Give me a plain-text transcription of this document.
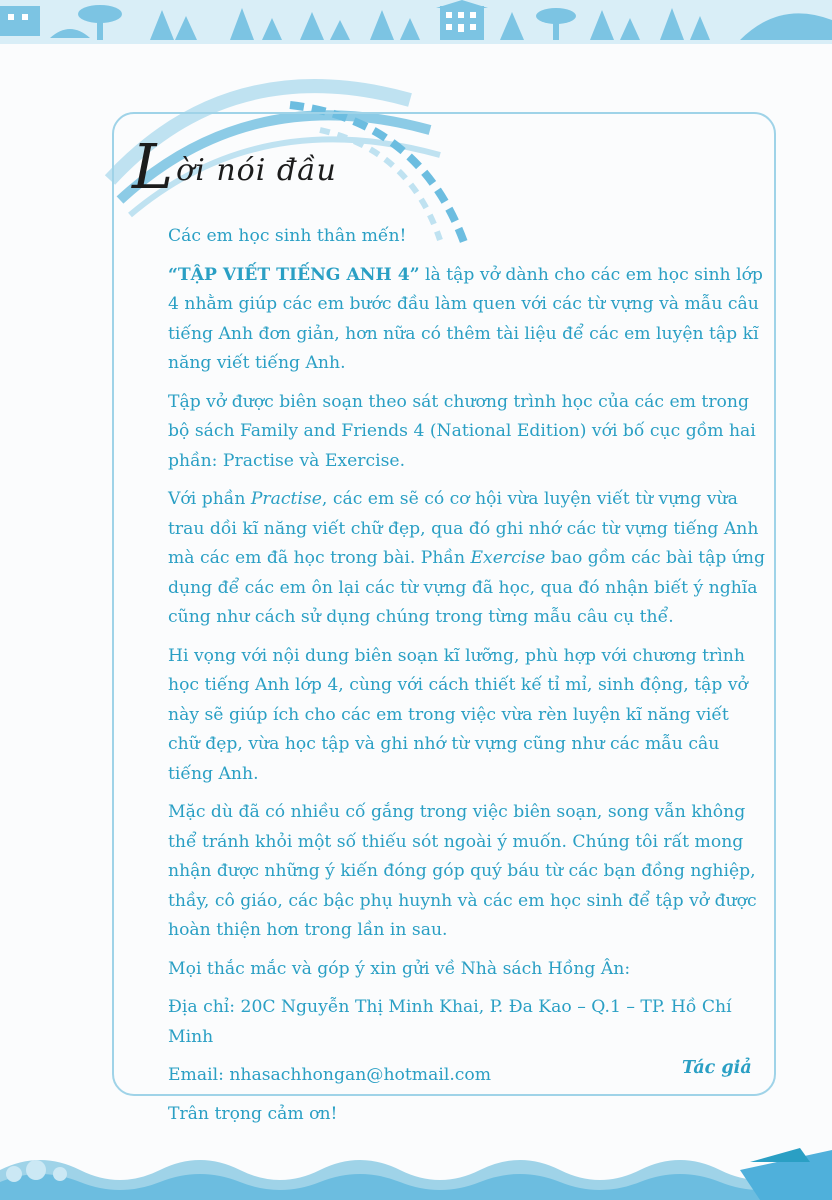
Lời nói đầu

Các em học sinh thân mến!

“TẬP VIẾT TIẾNG ANH 4” là tập vở dành cho các em học sinh lớp 4 nhằm giúp các em bước đầu làm quen với các từ vựng và mẫu câu tiếng Anh đơn giản, hơn nữa có thêm tài liệu để các em luyện tập kĩ năng viết tiếng Anh.

Tập vở được biên soạn theo sát chương trình học của các em trong bộ sách Family and Friends 4 (National Edition) với bố cục gồm hai phần: Practise và Exercise.

Với phần Practise, các em sẽ có cơ hội vừa luyện viết từ vựng vừa trau dồi kĩ năng viết chữ đẹp, qua đó ghi nhớ các từ vựng tiếng Anh mà các em đã học trong bài. Phần Exercise bao gồm các bài tập ứng dụng để các em ôn lại các từ vựng đã học, qua đó nhận biết ý nghĩa cũng như cách sử dụng chúng trong từng mẫu câu cụ thể.

Hi vọng với nội dung biên soạn kĩ lưỡng, phù hợp với chương trình học tiếng Anh lớp 4, cùng với cách thiết kế tỉ mỉ, sinh động, tập vở này sẽ giúp ích cho các em trong việc vừa rèn luyện kĩ năng viết chữ đẹp, vừa học tập và ghi nhớ từ vựng cũng như các mẫu câu tiếng Anh.

Mặc dù đã có nhiều cố gắng trong việc biên soạn, song vẫn không thể tránh khỏi một số thiếu sót ngoài ý muốn. Chúng tôi rất mong nhận được những ý kiến đóng góp quý báu từ các bạn đồng nghiệp, thầy, cô giáo, các bậc phụ huynh và các em học sinh để tập vở được hoàn thiện hơn trong lần in sau.

Mọi thắc mắc và góp ý xin gửi về Nhà sách Hồng Ân:

Địa chỉ: 20C Nguyễn Thị Minh Khai, P. Đa Kao – Q.1 – TP. Hồ Chí Minh

Email: nhasachhongan@hotmail.com

Trân trọng cảm ơn!

Tác giả
